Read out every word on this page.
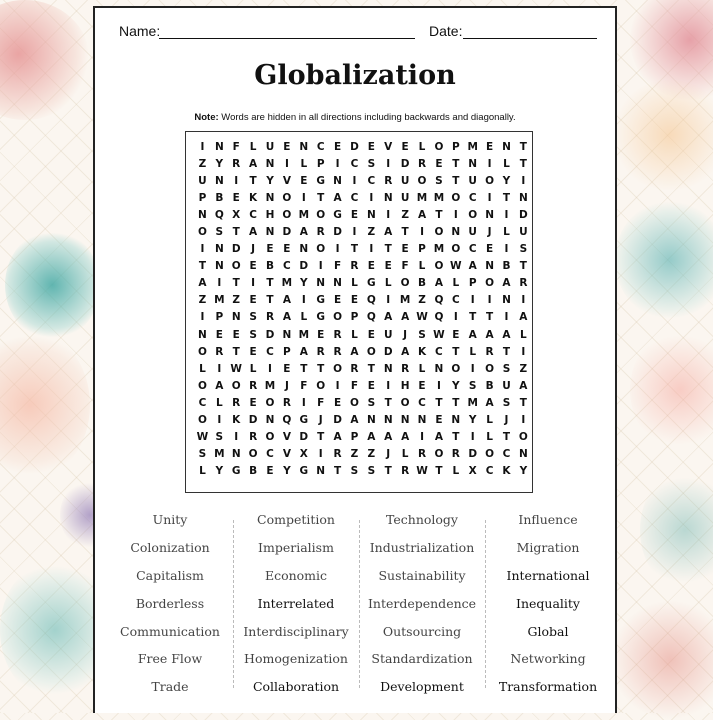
Name:	Date:
Globalization
Note: Words are hidden in all directions including backwards and diagonally.
I	N F L U E N C E D E V E L O P M E N T
Z Y R A N	I	L P	I	C S	I	D R E T N	I	L T
U N	I	T Y V E G N	I	C R U O S T U O Y	I
P B E K N O I	T A C	I	N U M M O C	I	T N
N Q X C H O M O G E N	I	Z A T	I O N	I	D
O S T A N D A R D	I	Z A T	I O N U	J	L U
I	N D	J	E E N O I	T	I	T E P M O C E	I	S
T N O E B C D	I	F R E E F L O W A N B T
A	I	T	I	T M Y N N L G L O B A L P O A R
Z M Z E T A	I	G E E Q I M Z Q C	I	I	N	I
I	P N S R A L G O P Q A A W Q I	T T	I	A
N E E S D N M E R L E U	J	S W E A A A L
O R T E C P A R R A O D A K C T L R T	I
L	I W L	I	E T T O R T N R L N O I O S Z
O A O R M J	F O I	F E	I	H E	I	Y S B U A
C L R E O R	I	F E O S T O C T T M A S T
O I	K D N Q G	J	D A N N N N E N Y L	J	I
W S	I	R O V D T A P A A A	I	A T	I	L T O
S M N O C V X	I	R Z Z	J	L R O R D O C N
L Y G B E Y G N T S S T R W T L X C K Y
Unity
Colonization
Capitalism
Borderless
Communication
Free Flow
Trade
Competition
Imperialism
Economic
Interrelated
Interdisciplinary
Homogenization
Collaboration
Technology
Industrialization
Sustainability
Interdependence
Outsourcing
Standardization
Development
Influence
Migration
International
Inequality
Global
Networking
Transformation
